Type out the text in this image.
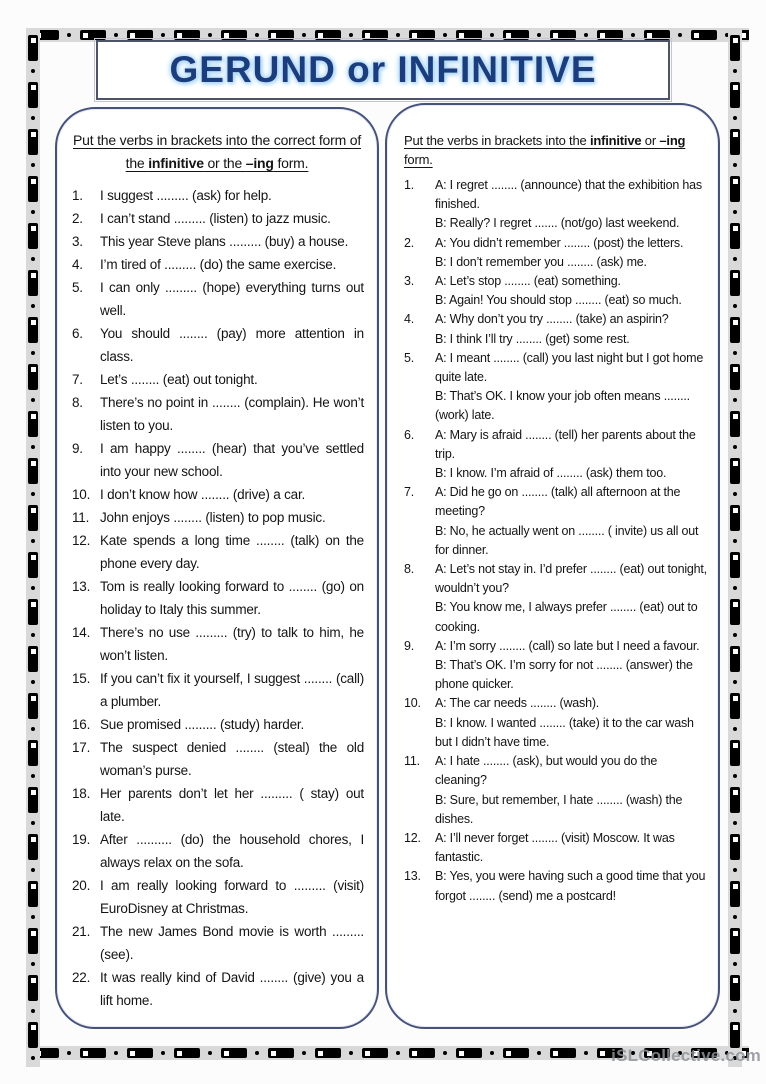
GERUND or INFINITIVE
Put the verbs in brackets into the correct form of the infinitive or the –ing form.
1. I suggest ......... (ask) for help.
2. I can’t stand ......... (listen) to jazz music.
3. This year Steve plans ......... (buy) a house.
4. I’m tired of ......... (do) the same exercise.
5. I can only ......... (hope) everything turns out well.
6. You should ........ (pay) more attention in class.
7. Let’s ........ (eat) out tonight.
8. There’s no point in ........ (complain). He won’t listen to you.
9. I am happy ........ (hear) that you’ve settled into your new school.
10. I don’t know how ........ (drive) a car.
11. John enjoys ........ (listen) to pop music.
12. Kate spends a long time ........ (talk) on the phone every day.
13. Tom is really looking forward to ........ (go) on holiday to Italy this summer.
14. There’s no use ......... (try) to talk to him, he won’t listen.
15. If you can’t fix it yourself, I suggest ........ (call) a plumber.
16. Sue promised ......... (study) harder.
17. The suspect denied ........ (steal) the old woman’s purse.
18. Her parents don’t let her ......... ( stay) out late.
19. After .......... (do) the household chores, I always relax on the sofa.
20. I am really looking forward to ......... (visit) EuroDisney at Christmas.
21. The new James Bond movie is worth ......... (see).
22. It was really kind of David ........ (give) you a lift home.
Put the verbs in brackets into the infinitive or –ing form.
1. A: I regret ........ (announce) that the exhibition has finished.
B: Really? I regret ....... (not/go) last weekend.
2. A: You didn’t remember ........ (post) the letters.
B: I don’t remember you ........ (ask) me.
3. A: Let’s stop ........ (eat) something.
B: Again! You should stop ........ (eat) so much.
4. A: Why don’t you try ........ (take) an aspirin?
B: I think I’ll try ........ (get) some rest.
5. A: I meant ........ (call) you last night but I got home quite late.
B: That’s OK. I know your job often means ........ (work) late.
6. A: Mary is afraid ........ (tell) her parents about the trip.
B: I know. I’m afraid of ........ (ask) them too.
7. A: Did he go on ........ (talk) all afternoon at the meeting?
B: No, he actually went on ........ ( invite) us all out for dinner.
8. A: Let’s not stay in. I’d prefer ........ (eat) out tonight, wouldn’t you?
B: You know me, I always prefer ........ (eat) out to cooking.
9. A: I’m sorry ........ (call) so late but I need a favour.
B: That’s OK. I’m sorry for not ........ (answer) the phone quicker.
10. A: The car needs ........ (wash).
B: I know. I wanted ........ (take) it to the car wash but I didn’t have time.
11. A: I hate ........ (ask), but would you do the cleaning?
B: Sure, but remember, I hate ........ (wash) the dishes.
12. A: I’ll never forget ........ (visit) Moscow. It was fantastic.
13. B: Yes, you were having such a good time that you forgot ........ (send) me a postcard!
iSLCollective.com
